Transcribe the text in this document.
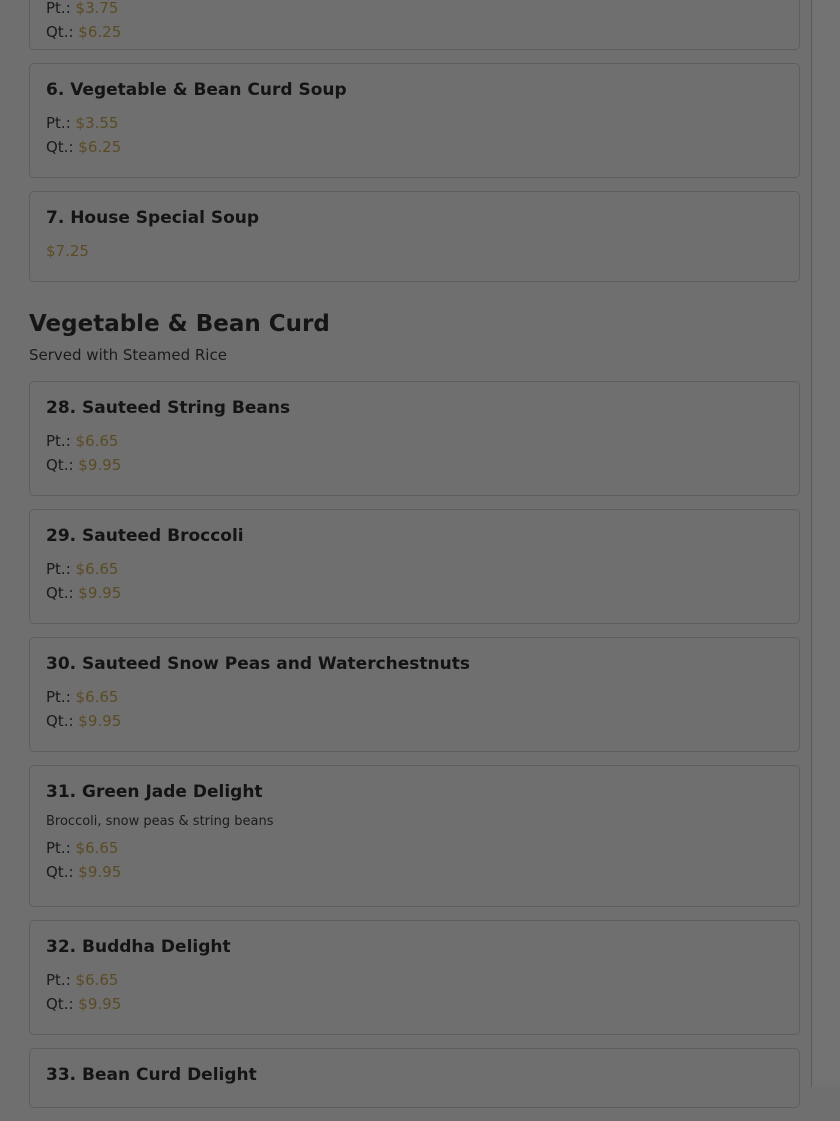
Pt.: $3.75
Qt.: $6.25
6. Vegetable & Bean Curd Soup
Pt.: $3.55
Qt.: $6.25
7. House Special Soup
$7.25
Vegetable & Bean Curd
Served with Steamed Rice
28. Sauteed String Beans
Pt.: $6.65
Qt.: $9.95
29. Sauteed Broccoli
Pt.: $6.65
Qt.: $9.95
30. Sauteed Snow Peas and Waterchestnuts
Pt.: $6.65
Qt.: $9.95
31. Green Jade Delight
Broccoli, snow peas & string beans
Pt.: $6.65
Qt.: $9.95
32. Buddha Delight
Pt.: $6.65
Qt.: $9.95
33. Bean Curd Delight
